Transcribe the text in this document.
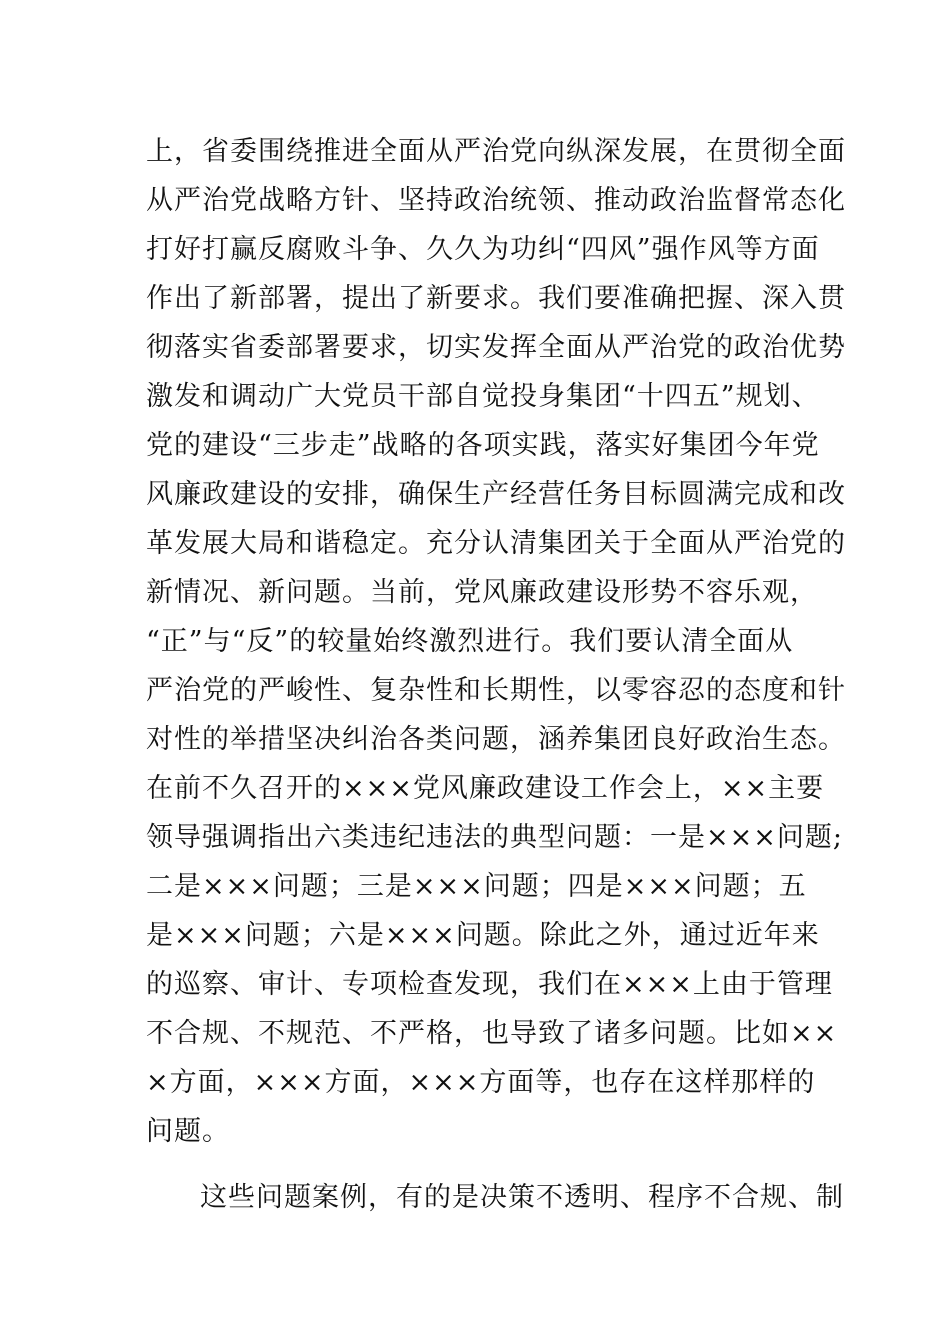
上，省委围绕推进全面从严治党向纵深发展，在贯彻全面
从严治党战略方针、坚持政治统领、推动政治监督常态化
打好打赢反腐败斗争、久久为功纠“四风”强作风等方面
作出了新部署，提出了新要求。我们要准确把握、深入贯
彻落实省委部署要求，切实发挥全面从严治党的政治优势
激发和调动广大党员干部自觉投身集团“十四五”规划、
党的建设“三步走”战略的各项实践，落实好集团今年党
风廉政建设的安排，确保生产经营任务目标圆满完成和改
革发展大局和谐稳定。充分认清集团关于全面从严治党的
新情况、新问题。当前，党风廉政建设形势不容乐观，
“正”与“反”的较量始终激烈进行。我们要认清全面从
严治党的严峻性、复杂性和长期性，以零容忍的态度和针
对性的举措坚决纠治各类问题，涵养集团良好政治生态。
在前不久召开的×××党风廉政建设工作会上，××主要
领导强调指出六类违纪违法的典型问题：一是×××问题;
二是×××问题；三是×××问题；四是×××问题；五
是×××问题；六是×××问题。除此之外，通过近年来
的巡察、审计、专项检查发现，我们在×××上由于管理
不合规、不规范、不严格，也导致了诸多问题。比如××
×方面，×××方面，×××方面等，也存在这样那样的
问题。
这些问题案例，有的是决策不透明、程序不合规、制
